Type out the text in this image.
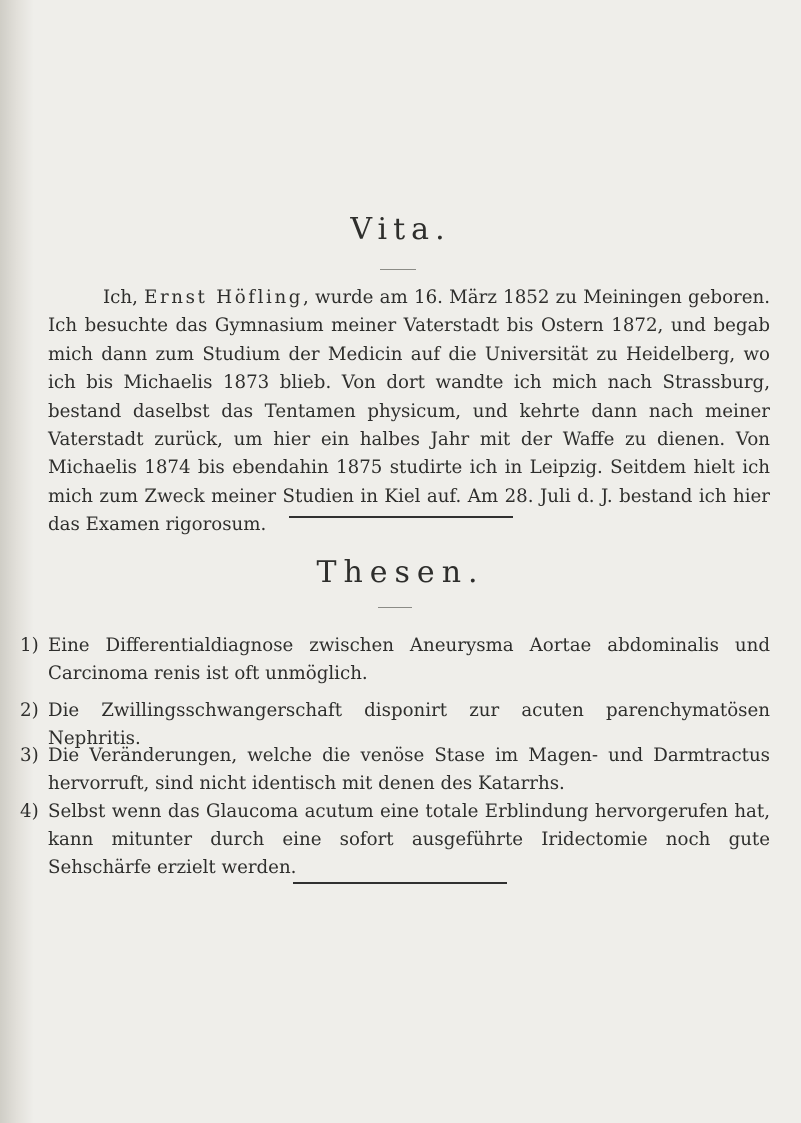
Vita.

Ich, Ernst Höfling, wurde am 16. März 1852 zu Meiningen geboren. Ich besuchte das Gymnasium meiner Vaterstadt bis Ostern 1872, und begab mich dann zum Studium der Medicin auf die Universität zu Heidelberg, wo ich bis Michaelis 1873 blieb. Von dort wandte ich mich nach Strassburg, bestand daselbst das Tentamen physicum, und kehrte dann nach meiner Vaterstadt zurück, um hier ein halbes Jahr mit der Waffe zu dienen. Von Michaelis 1874 bis ebendahin 1875 studirte ich in Leipzig. Seitdem hielt ich mich zum Zweck meiner Studien in Kiel auf. Am 28. Juli d. J. bestand ich hier das Examen rigorosum.

Thesen.
1) Eine Differentialdiagnose zwischen Aneurysma Aortae abdominalis und Carcinoma renis ist oft unmöglich.
2) Die Zwillingsschwangerschaft disponirt zur acuten parenchymatösen Nephritis.
3) Die Veränderungen, welche die venöse Stase im Magen- und Darmtractus hervorruft, sind nicht identisch mit denen des Katarrhs.
4) Selbst wenn das Glaucoma acutum eine totale Erblindung hervorgerufen hat, kann mitunter durch eine sofort ausgeführte Iridectomie noch gute Sehschärfe erzielt werden.
